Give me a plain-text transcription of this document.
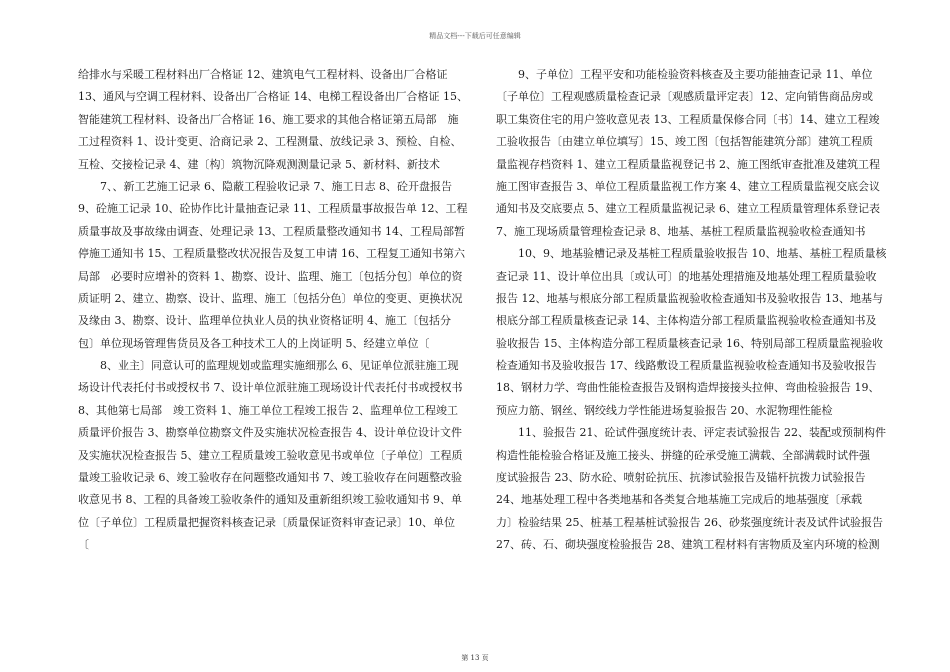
精品文档---下载后可任意编辑
给排水与采暖工程材料出厂合格证 12、建筑电气工程材料、设备出厂合格证
13、通风与空调工程材料、设备出厂合格证 14、电梯工程设备出厂合格证 15、
智能建筑工程材料、设备出厂合格证 16、施工要求的其他合格证第五局部　施
工过程资料 1、设计变更、洽商记录 2、工程测量、放线记录 3、预检、自检、
互检、交接检记录 4、建〔构〕筑物沉降观测测量记录 5、新材料、新技术
　　7、、新工艺施工记录 6、隐蔽工程验收记录 7、施工日志 8、砼开盘报告
9、砼施工记录 10、砼协作比计量抽查记录 11、工程质量事故报告单 12、工程
质量事故及事故缘由调查、处理记录 13、工程质量整改通知书 14、工程局部暂
停施工通知书 15、工程质量整改状况报告及复工申请 16、工程复工通知书第六
局部　必要时应增补的资料 1、勘察、设计、监理、施工〔包括分包〕单位的资
质证明 2、建立、勘察、设计、监理、施工〔包括分色〕单位的变更、更换状况
及缘由 3、勘察、设计、监理单位执业人员的执业资格证明 4、施工〔包括分
包〕单位现场管理售货员及各工种技术工人的上岗证明 5、经建立单位〔
　　8、业主〕同意认可的监理规划或监理实施细那么 6、见证单位派驻施工现
场设计代表托付书或授权书 7、设计单位派驻施工现场设计代表托付书或授权书
8、其他第七局部　竣工资料 1、施工单位工程竣工报告 2、监理单位工程竣工
质量评价报告 3、勘察单位勘察文件及实施状况检查报告 4、设计单位设计文件
及实施状况检查报告 5、建立工程质量竣工验收意见书或单位〔子单位〕工程质
量竣工验收记录 6、竣工验收存在问题整改通知书 7、竣工验收存在问题整改验
收意见书 8、工程的具备竣工验收条件的通知及重新组织竣工验收通知书 9、单
位〔子单位〕工程质量把握资料核查记录〔质量保证资料审查记录〕10、单位
〔
　　9、子单位〕工程平安和功能检验资料核查及主要功能抽查记录 11、单位
〔子单位〕工程观感质量检查记录〔观感质量评定表〕12、定向销售商品房或
职工集资住宅的用户签收意见表 13、工程质量保修合同〔书〕14、建立工程竣
工验收报告〔由建立单位填写〕15、竣工图〔包括智能建筑分部〕建筑工程质
量监视存档资料 1、建立工程质量监视登记书 2、施工图纸审查批准及建筑工程
施工图审查报告 3、单位工程质量监视工作方案 4、建立工程质量监视交底会议
通知书及交底要点 5、建立工程质量监视记录 6、建立工程质量管理体系登记表
7、施工现场质量管理检查记录 8、地基、基桩工程质量监视验收检查通知书
　　10、9、地基验槽记录及基桩工程质量验收报告 10、地基、基桩工程质量核
查记录 11、设计单位出具〔或认可〕的地基处理措施及地基处理工程质量验收
报告 12、地基与根底分部工程质量监视验收检查通知书及验收报告 13、地基与
根底分部工程质量核查记录 14、主体构造分部工程质量监视验收检查通知书及
验收报告 15、主体构造分部工程质量核查记录 16、特别局部工程质量监视验收
检查通知书及验收报告 17、线路敷设工程质量监视验收检查通知书及验收报告
18、钢材力学、弯曲性能检查报告及钢构造焊接接头拉伸、弯曲检验报告 19、
预应力筋、钢丝、钢绞线力学性能进场复验报告 20、水泥物理性能检
　　11、验报告 21、砼试件强度统计表、评定表试验报告 22、装配或预制构件
构造性能检验合格证及施工接头、拼缝的砼承受施工满载、全部满载时试件强
度试验报告 23、防水砼、喷射砼抗压、抗渗试验报告及锚杆抗拨力试验报告
24、地基处理工程中各类地基和各类复合地基施工完成后的地基强度〔承载
力〕检验结果 25、桩基工程基桩试验报告 26、砂浆强度统计表及试件试验报告
27、砖、石、砌块强度检验报告 28、建筑工程材料有害物质及室内环境的检测
第 13 页
